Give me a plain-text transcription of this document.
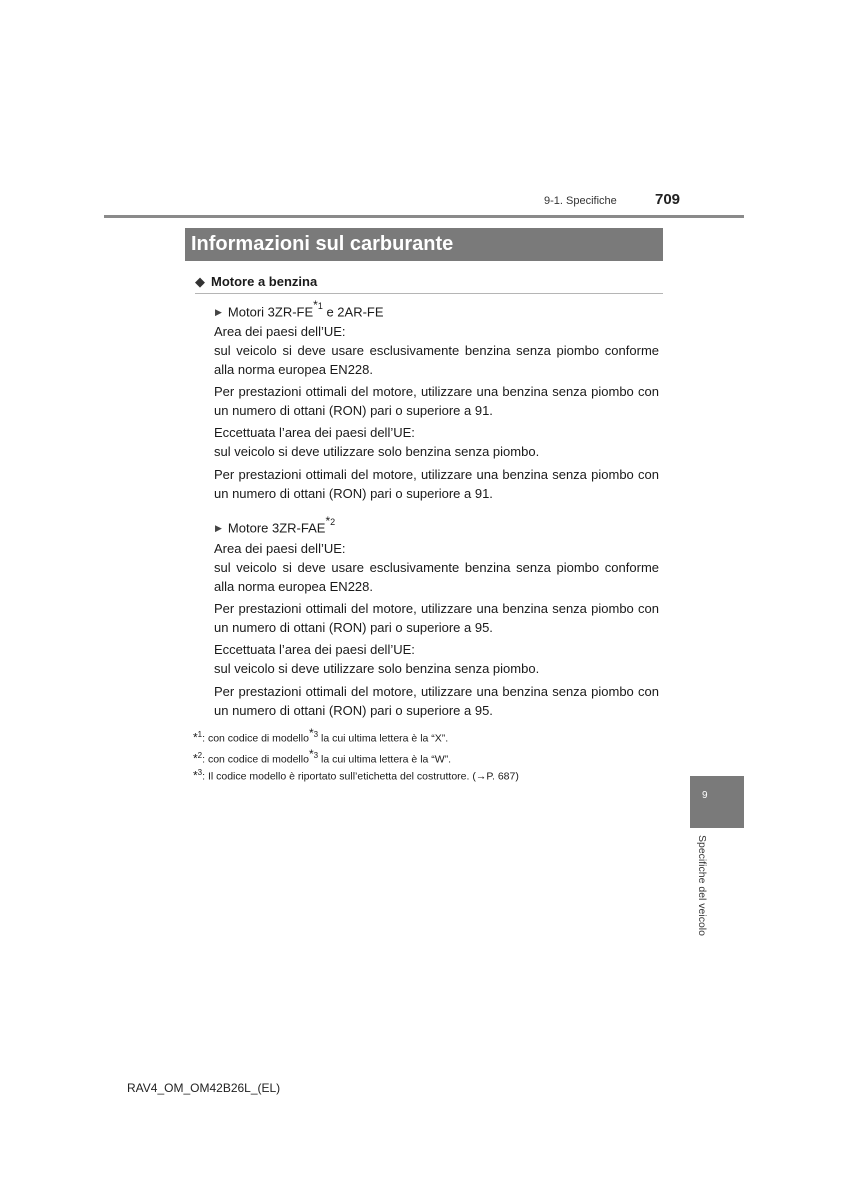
9-1. Specifiche	709
Informazioni sul carburante
◆ Motore a benzina
▶ Motori 3ZR-FE$^{*1}$ e 2AR-FE
Area dei paesi dell’UE:
sul veicolo si deve usare esclusivamente benzina senza piombo conforme alla norma europea EN228.
Per prestazioni ottimali del motore, utilizzare una benzina senza piombo con un numero di ottani (RON) pari o superiore a 91.
Eccettuata l’area dei paesi dell’UE:
sul veicolo si deve utilizzare solo benzina senza piombo.
Per prestazioni ottimali del motore, utilizzare una benzina senza piombo con un numero di ottani (RON) pari o superiore a 91.
▶ Motore 3ZR-FAE$^{*2}$
Area dei paesi dell’UE:
sul veicolo si deve usare esclusivamente benzina senza piombo conforme alla norma europea EN228.
Per prestazioni ottimali del motore, utilizzare una benzina senza piombo con un numero di ottani (RON) pari o superiore a 95.
Eccettuata l’area dei paesi dell’UE:
sul veicolo si deve utilizzare solo benzina senza piombo.
Per prestazioni ottimali del motore, utilizzare una benzina senza piombo con un numero di ottani (RON) pari o superiore a 95.
*$^1$: con codice di modello$^{*3}$ la cui ultima lettera è la “X”.
*$^2$: con codice di modello$^{*3}$ la cui ultima lettera è la “W”.
*$^3$: Il codice modello è riportato sull’etichetta del costruttore. (→P. 687)
9
Specifiche del veicolo
RAV4_OM_OM42B26L_(EL)
